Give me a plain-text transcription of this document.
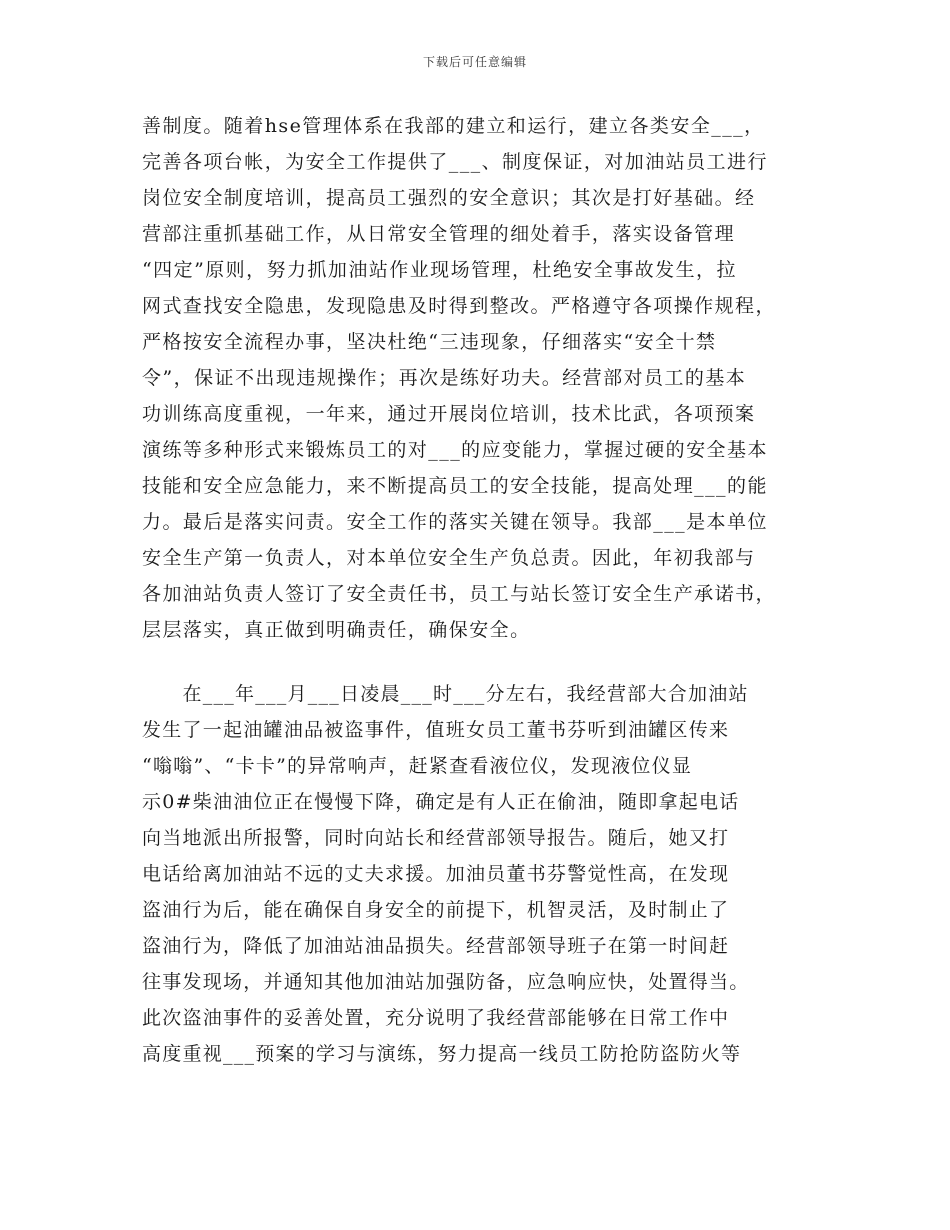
下载后可任意编辑
善制度。随着hse管理体系在我部的建立和运行，建立各类安全___，
完善各项台帐，为安全工作提供了___、制度保证，对加油站员工进行
岗位安全制度培训，提高员工强烈的安全意识；其次是打好基础。经
营部注重抓基础工作，从日常安全管理的细处着手，落实设备管理
“四定”原则，努力抓加油站作业现场管理，杜绝安全事故发生，拉
网式查找安全隐患，发现隐患及时得到整改。严格遵守各项操作规程，
严格按安全流程办事，坚决杜绝“三违现象，仔细落实“安全十禁
令”，保证不出现违规操作；再次是练好功夫。经营部对员工的基本
功训练高度重视，一年来，通过开展岗位培训，技术比武，各项预案
演练等多种形式来锻炼员工的对___的应变能力，掌握过硬的安全基本
技能和安全应急能力，来不断提高员工的安全技能，提高处理___的能
力。最后是落实问责。安全工作的落实关键在领导。我部___是本单位
安全生产第一负责人，对本单位安全生产负总责。因此，年初我部与
各加油站负责人签订了安全责任书，员工与站长签订安全生产承诺书，
层层落实，真正做到明确责任，确保安全。
　　在___年___月___日凌晨___时___分左右，我经营部大合加油站
发生了一起油罐油品被盗事件，值班女员工董书芬听到油罐区传来
“嗡嗡”、“卡卡”的异常响声，赶紧查看液位仪，发现液位仪显
示0#柴油油位正在慢慢下降，确定是有人正在偷油，随即拿起电话
向当地派出所报警，同时向站长和经营部领导报告。随后，她又打
电话给离加油站不远的丈夫求援。加油员董书芬警觉性高，在发现
盗油行为后，能在确保自身安全的前提下，机智灵活，及时制止了
盗油行为，降低了加油站油品损失。经营部领导班子在第一时间赶
往事发现场，并通知其他加油站加强防备，应急响应快，处置得当。
此次盗油事件的妥善处置，充分说明了我经营部能够在日常工作中
高度重视___预案的学习与演练，努力提高一线员工防抢防盗防火等
